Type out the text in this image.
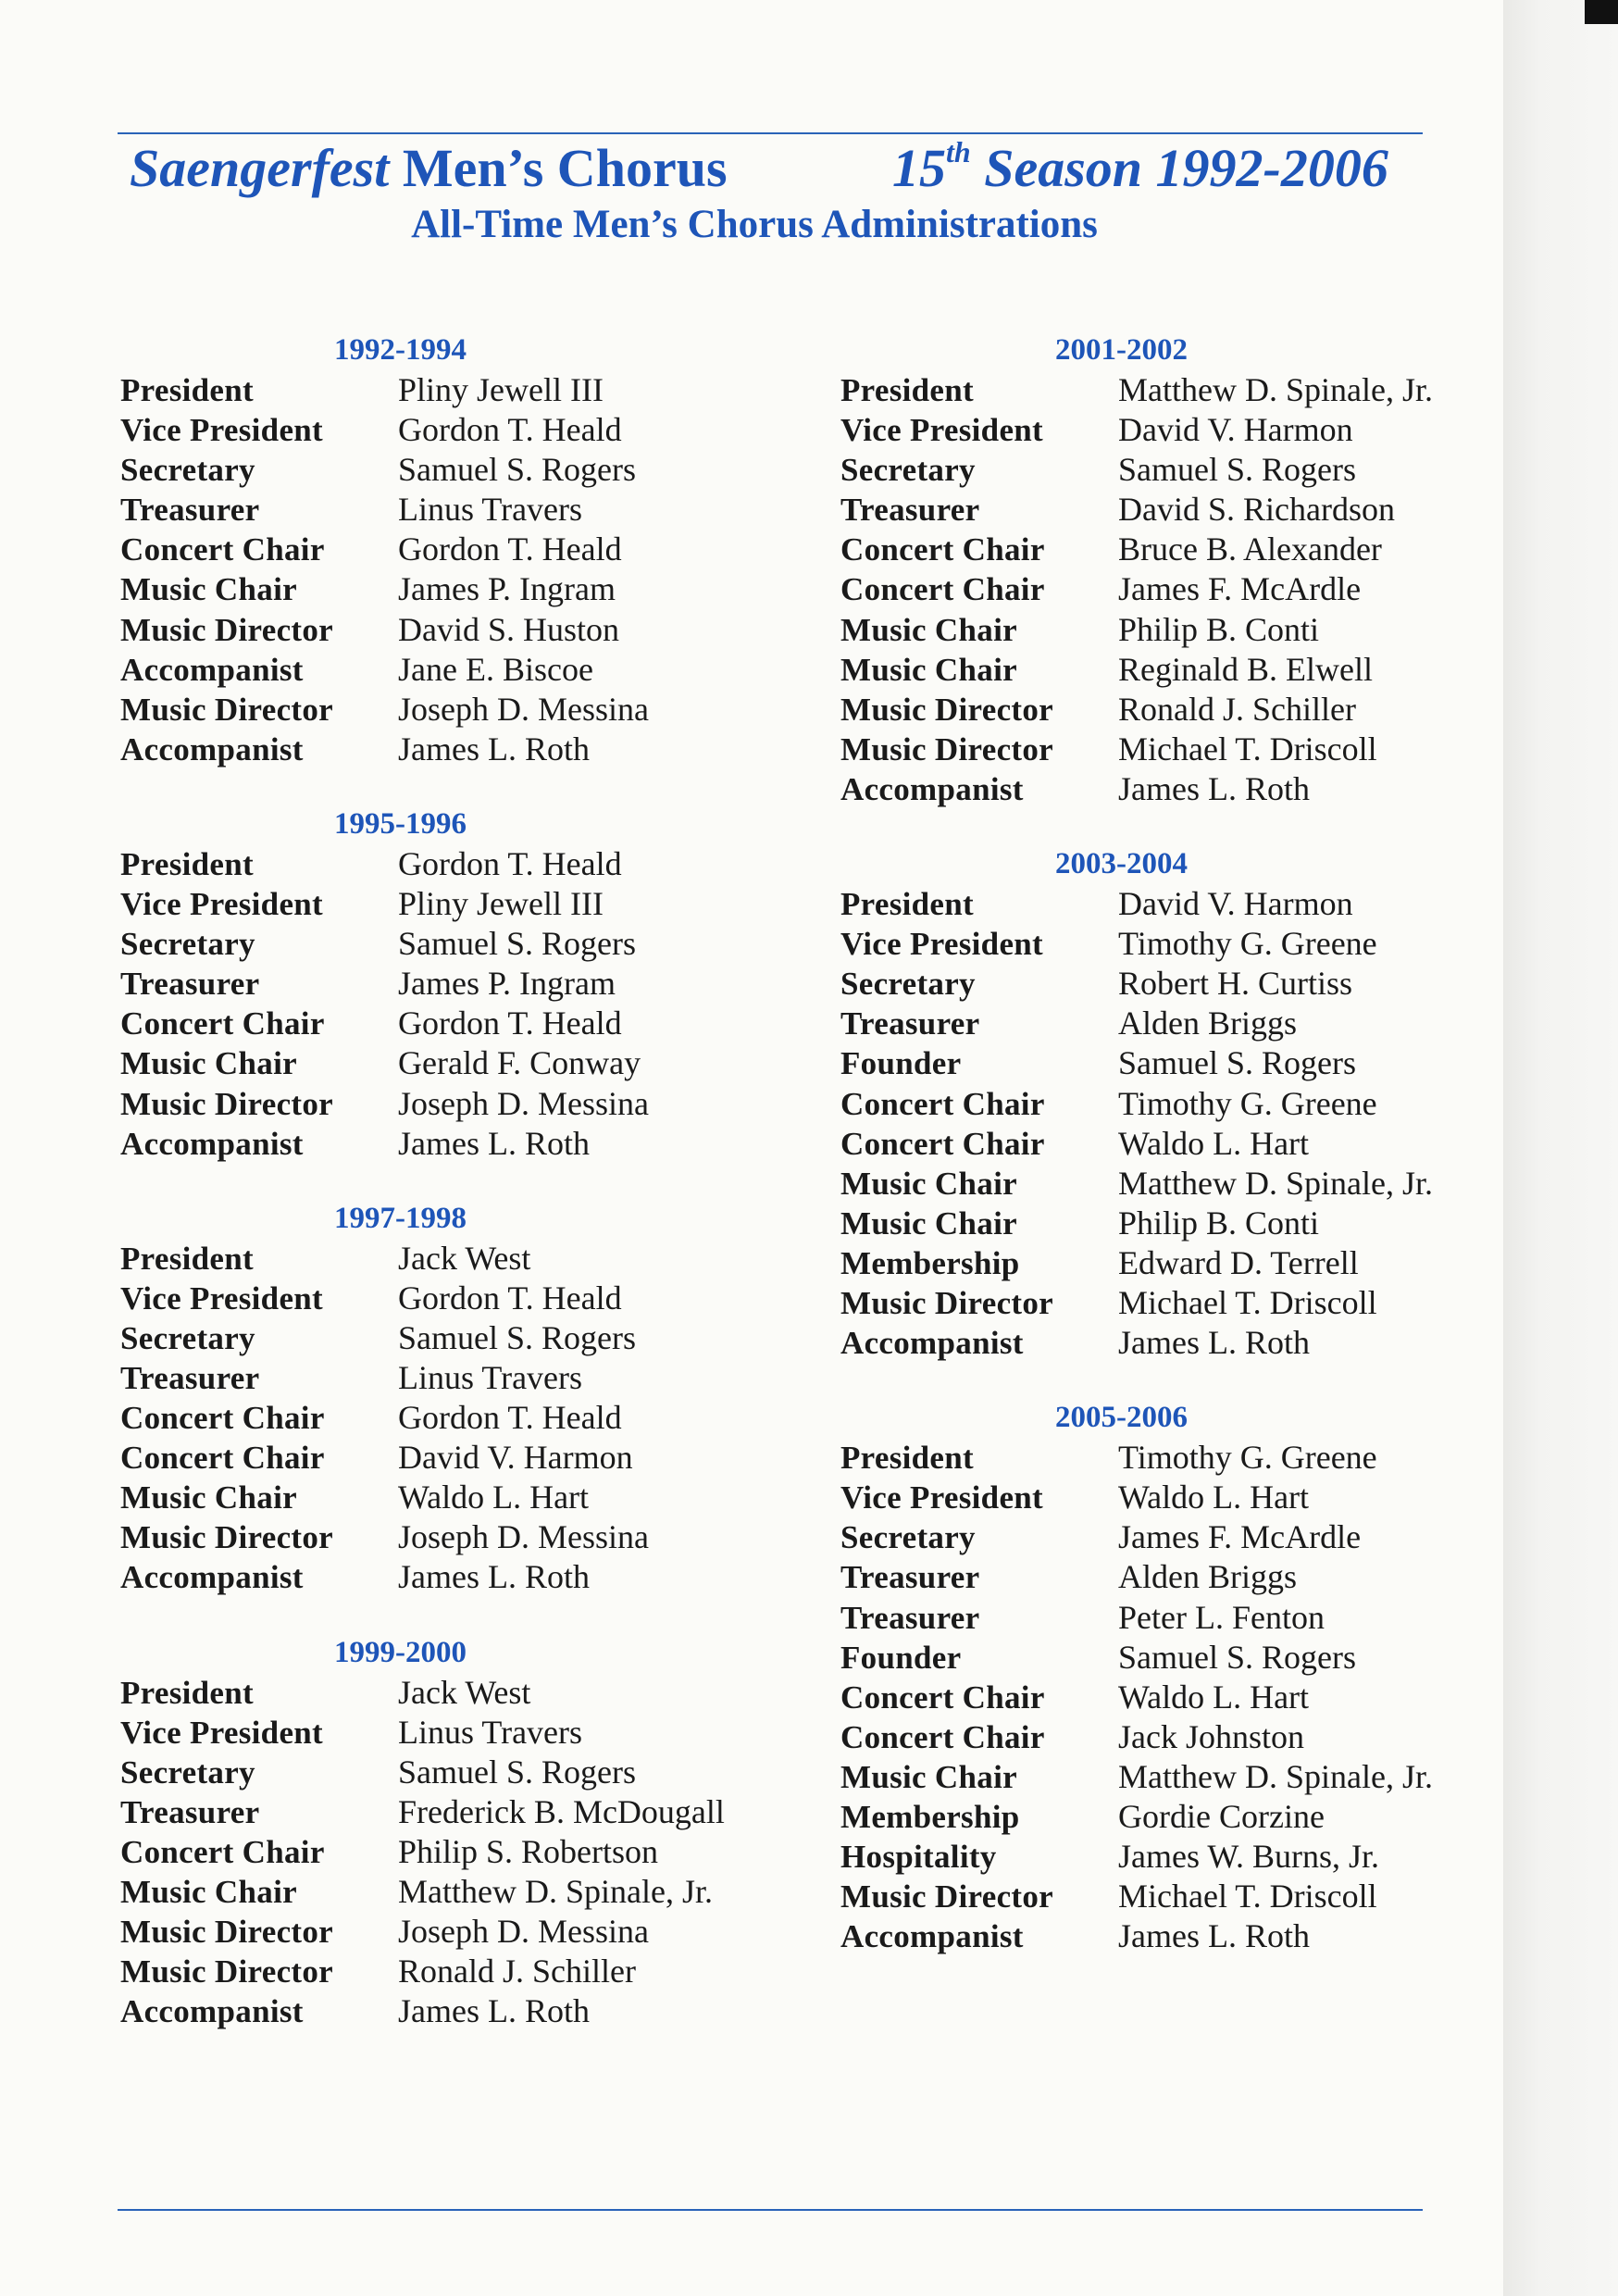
Saengerfest Men’s Chorus	15th Season 1992-2006
All-Time Men’s Chorus Administrations
1992-1994
President	Pliny Jewell III
Vice President	Gordon T. Heald
Secretary	Samuel S. Rogers
Treasurer	Linus Travers
Concert Chair	Gordon T. Heald
Music Chair	James P. Ingram
Music Director	David S. Huston
Accompanist	Jane E. Biscoe
Music Director	Joseph D. Messina
Accompanist	James L. Roth
1995-1996
President	Gordon T. Heald
Vice President	Pliny Jewell III
Secretary	Samuel S. Rogers
Treasurer	James P. Ingram
Concert Chair	Gordon T. Heald
Music Chair	Gerald F. Conway
Music Director	Joseph D. Messina
Accompanist	James L. Roth
1997-1998
President	Jack West
Vice President	Gordon T. Heald
Secretary	Samuel S. Rogers
Treasurer	Linus Travers
Concert Chair	Gordon T. Heald
Concert Chair	David V. Harmon
Music Chair	Waldo L. Hart
Music Director	Joseph D. Messina
Accompanist	James L. Roth
1999-2000
President	Jack West
Vice President	Linus Travers
Secretary	Samuel S. Rogers
Treasurer	Frederick B. McDougall
Concert Chair	Philip S. Robertson
Music Chair	Matthew D. Spinale, Jr.
Music Director	Joseph D. Messina
Music Director	Ronald J. Schiller
Accompanist	James L. Roth
2001-2002
President	Matthew D. Spinale, Jr.
Vice President	David V. Harmon
Secretary	Samuel S. Rogers
Treasurer	David S. Richardson
Concert Chair	Bruce B. Alexander
Concert Chair	James F. McArdle
Music Chair	Philip B. Conti
Music Chair	Reginald B. Elwell
Music Director	Ronald J. Schiller
Music Director	Michael T. Driscoll
Accompanist	James L. Roth
2003-2004
President	David V. Harmon
Vice President	Timothy G. Greene
Secretary	Robert H. Curtiss
Treasurer	Alden Briggs
Founder	Samuel S. Rogers
Concert Chair	Timothy G. Greene
Concert Chair	Waldo L. Hart
Music Chair	Matthew D. Spinale, Jr.
Music Chair	Philip B. Conti
Membership	Edward D. Terrell
Music Director	Michael T. Driscoll
Accompanist	James L. Roth
2005-2006
President	Timothy G. Greene
Vice President	Waldo L. Hart
Secretary	James F. McArdle
Treasurer	Alden Briggs
Treasurer	Peter L. Fenton
Founder	Samuel S. Rogers
Concert Chair	Waldo L. Hart
Concert Chair	Jack Johnston
Music Chair	Matthew D. Spinale, Jr.
Membership	Gordie Corzine
Hospitality	James W. Burns, Jr.
Music Director	Michael T. Driscoll
Accompanist	James L. Roth
